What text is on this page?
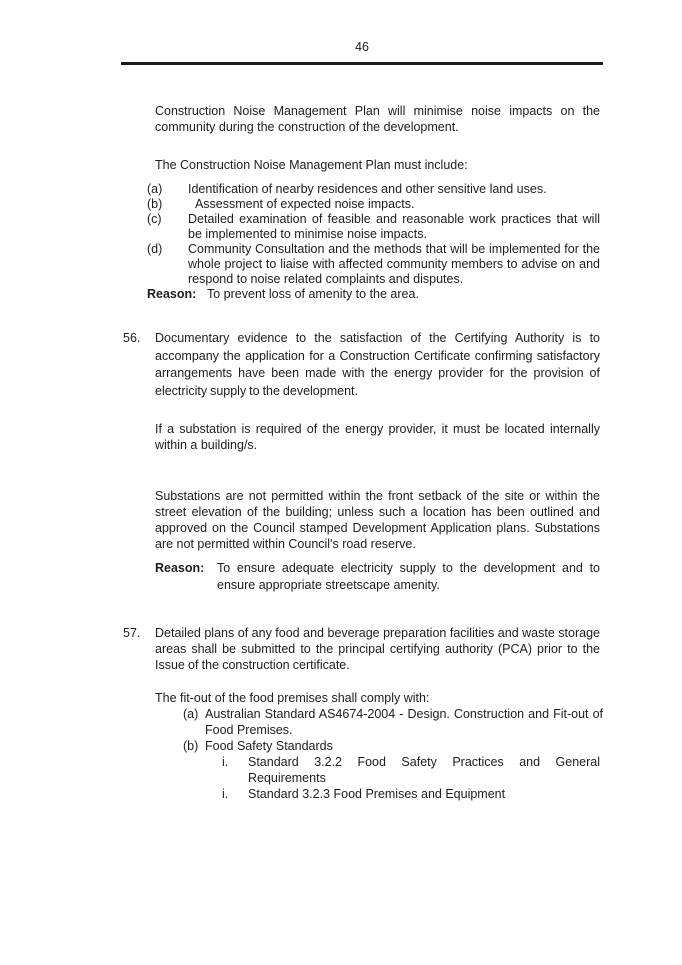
46

Construction Noise Management Plan will minimise noise impacts on the community during the construction of the development.

The Construction Noise Management Plan must include:

(a)	Identification of nearby residences and other sensitive land uses.
(b)	Assessment of expected noise impacts.
(c)	Detailed examination of feasible and reasonable work practices that will be implemented to minimise noise impacts.
(d)	Community Consultation and the methods that will be implemented for the whole project to liaise with affected community members to advise on and respond to noise related complaints and disputes.
Reason: To prevent loss of amenity to the area.
56.	Documentary evidence to the satisfaction of the Certifying Authority is to accompany the application for a Construction Certificate confirming satisfactory arrangements have been made with the energy provider for the provision of electricity supply to the development.

If a substation is required of the energy provider, it must be located internally within a building/s.

Substations are not permitted within the front setback of the site or within the street elevation of the building; unless such a location has been outlined and approved on the Council stamped Development Application plans. Substations are not permitted within Council's road reserve.

Reason:	To ensure adequate electricity supply to the development and to ensure appropriate streetscape amenity.
57.	Detailed plans of any food and beverage preparation facilities and waste storage areas shall be submitted to the principal certifying authority (PCA) prior to the Issue of the construction certificate.

The fit-out of the food premises shall comply with:

(a) Australian Standard AS4674-2004 - Design. Construction and Fit-out of Food Premises.
(b) Food Safety Standards
i.	Standard 3.2.2 Food Safety Practices and General Requirements
i.	Standard 3.2.3 Food Premises and Equipment
